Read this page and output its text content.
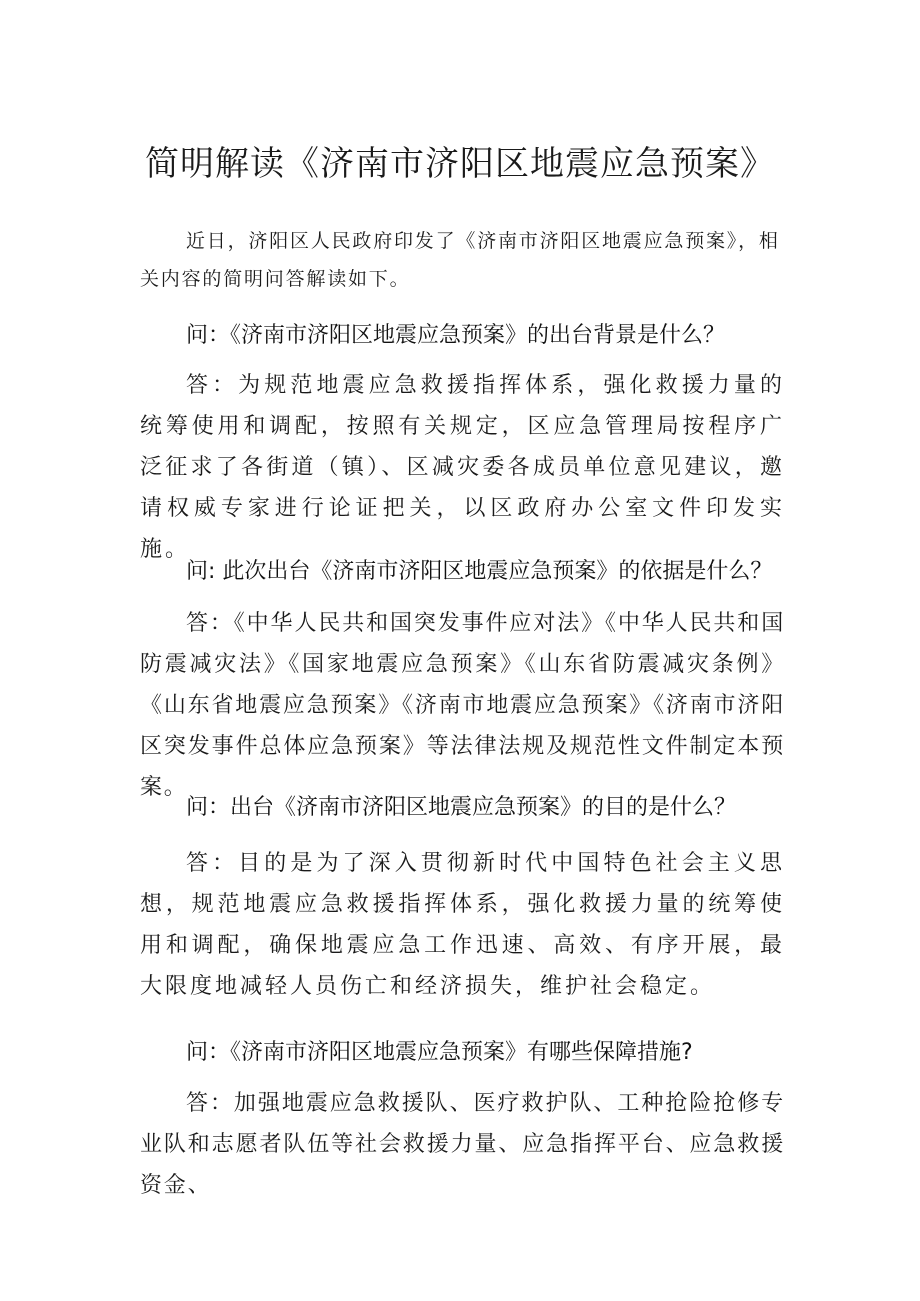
简明解读《济南市济阳区地震应急预案》

近日，济阳区人民政府印发了《济南市济阳区地震应急预案》，相关内容的简明问答解读如下。

问：《济南市济阳区地震应急预案》的出台背景是什么？

答：为规范地震应急救援指挥体系，强化救援力量的统筹使用和调配，按照有关规定，区应急管理局按程序广泛征求了各街道（镇）、区减灾委各成员单位意见建议，邀请权威专家进行论证把关，以区政府办公室文件印发实施。

问: 此次出台《济南市济阳区地震应急预案》的依据是什么？

答：《中华人民共和国突发事件应对法》《中华人民共和国防震减灾法》《国家地震应急预案》《山东省防震减灾条例》《山东省地震应急预案》《济南市地震应急预案》《济南市济阳区突发事件总体应急预案》等法律法规及规范性文件制定本预案。

问：出台《济南市济阳区地震应急预案》的目的是什么？

答：目的是为了深入贯彻新时代中国特色社会主义思想，规范地震应急救援指挥体系，强化救援力量的统筹使用和调配，确保地震应急工作迅速、高效、有序开展，最大限度地减轻人员伤亡和经济损失，维护社会稳定。

问：《济南市济阳区地震应急预案》有哪些保障措施?

答：加强地震应急救援队、医疗救护队、工种抢险抢修专业队和志愿者队伍等社会救援力量、应急指挥平台、应急救援资金、
